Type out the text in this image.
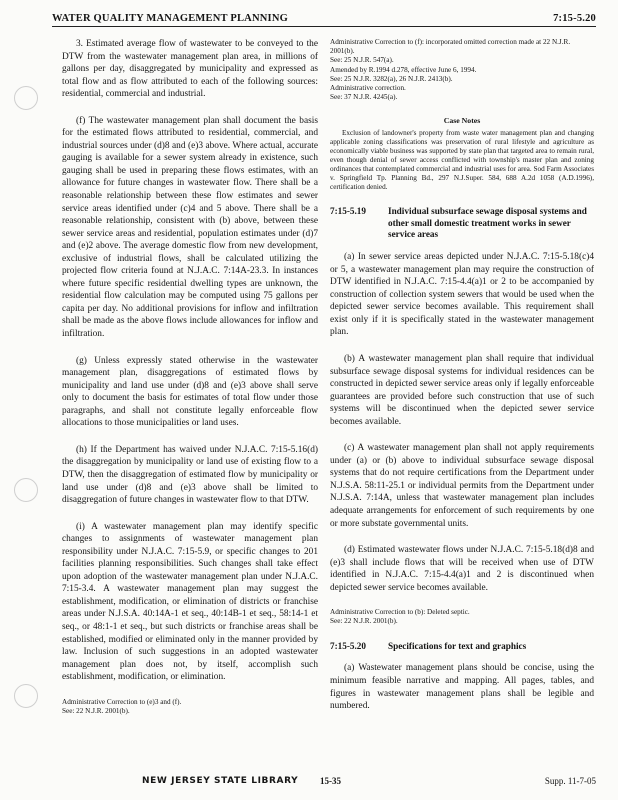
WATER QUALITY MANAGEMENT PLANNING	7:15-5.20

3. Estimated average flow of wastewater to be conveyed to the DTW from the wastewater management plan area, in millions of gallons per day, disaggregated by municipality and expressed as total flow and as flow attributed to each of the following sources: residential, commercial and industrial.

(f) The wastewater management plan shall document the basis for the estimated flows attributed to residential, commercial, and industrial sources under (d)8 and (e)3 above. Where actual, accurate gauging is available for a sewer system already in existence, such gauging shall be used in preparing these flows estimates, with an allowance for future changes in wastewater flow. There shall be a reasonable relationship between these flow estimates and sewer service areas identified under (c)4 and 5 above. There shall be a reasonable relationship, consistent with (b) above, between these sewer service areas and residential, population estimates under (d)7 and (e)2 above. The average domestic flow from new development, exclusive of industrial flows, shall be calculated utilizing the projected flow criteria found at N.J.A.C. 7:14A-23.3. In instances where future specific residential dwelling types are unknown, the residential flow calculation may be computed using 75 gallons per capita per day. No additional provisions for inflow and infiltration shall be made as the above flows include allowances for inflow and infiltration.

(g) Unless expressly stated otherwise in the wastewater management plan, disaggregations of estimated flows by municipality and land use under (d)8 and (e)3 above shall serve only to document the basis for estimates of total flow under those paragraphs, and shall not constitute legally enforceable flow allocations to those municipalities or land uses.

(h) If the Department has waived under N.J.A.C. 7:15-5.16(d) the disaggregation by municipality or land use of existing flow to a DTW, then the disaggregation of estimated flow by municipality or land use under (d)8 and (e)3 above shall be limited to disaggregation of future changes in wastewater flow to that DTW.

(i) A wastewater management plan may identify specific changes to assignments of wastewater management plan responsibility under N.J.A.C. 7:15-5.9, or specific changes to 201 facilities planning responsibilities. Such changes shall take effect upon adoption of the wastewater management plan under N.J.A.C. 7:15-3.4. A wastewater management plan may suggest the establishment, modification, or elimination of districts or franchise areas under N.J.S.A. 40:14A-1 et seq., 40:14B-1 et seq., 58:14-1 et seq., or 48:1-1 et seq., but such districts or franchise areas shall be established, modified or eliminated only in the manner provided by law. Inclusion of such suggestions in an adopted wastewater management plan does not, by itself, accomplish such establishment, modification, or elimination.

Administrative Correction to (e)3 and (f).

See: 22 N.J.R. 2001(b).

Administrative Correction to (f): incorporated omitted correction made at 22 N.J.R. 2001(b).

See: 25 N.J.R. 547(a).

Amended by R.1994 d.278, effective June 6, 1994.

See: 25 N.J.R. 3282(a), 26 N.J.R. 2413(b).

Administrative correction.

See: 37 N.J.R. 4245(a).

Case Notes

Exclusion of landowner's property from waste water management plan and changing applicable zoning classifications was preservation of rural lifestyle and agriculture as economically viable business was supported by state plan that targeted area to remain rural, even though denial of sewer access conflicted with township's master plan and zoning ordinances that contemplated commercial and industrial uses for area. Sod Farm Associates v. Springfield Tp. Planning Bd., 297 N.J.Super. 584, 688 A.2d 1058 (A.D.1996), certification denied.

7:15-5.19	Individual subsurface sewage disposal systems and other small domestic treatment works in sewer service areas

(a) In sewer service areas depicted under N.J.A.C. 7:15-5.18(c)4 or 5, a wastewater management plan may require the construction of DTW identified in N.J.A.C. 7:15-4.4(a)1 or 2 to be accompanied by construction of collection system sewers that would be used when the depicted sewer service becomes available. This requirement shall exist only if it is specifically stated in the wastewater management plan.

(b) A wastewater management plan shall require that individual subsurface sewage disposal systems for individual residences can be constructed in depicted sewer service areas only if legally enforceable guarantees are provided before such construction that use of such systems will be discontinued when the depicted sewer service becomes available.

(c) A wastewater management plan shall not apply requirements under (a) or (b) above to individual subsurface sewage disposal systems that do not require certifications from the Department under N.J.S.A. 58:11-25.1 or individual permits from the Department under N.J.S.A. 7:14A, unless that wastewater management plan includes adequate arrangements for enforcement of such requirements by one or more substate governmental units.

(d) Estimated wastewater flows under N.J.A.C. 7:15-5.18(d)8 and (e)3 shall include flows that will be received when use of DTW identified in N.J.A.C. 7:15-4.4(a)1 and 2 is discontinued when depicted sewer service becomes available.

Administrative Correction to (b): Deleted septic.

See: 22 N.J.R. 2001(b).

7:15-5.20	Specifications for text and graphics

(a) Wastewater management plans should be concise, using the minimum feasible narrative and mapping. All pages, tables, and figures in wastewater management plans shall be legible and numbered.

NEW JERSEY STATE LIBRARY 15-35	Supp. 11-7-05
